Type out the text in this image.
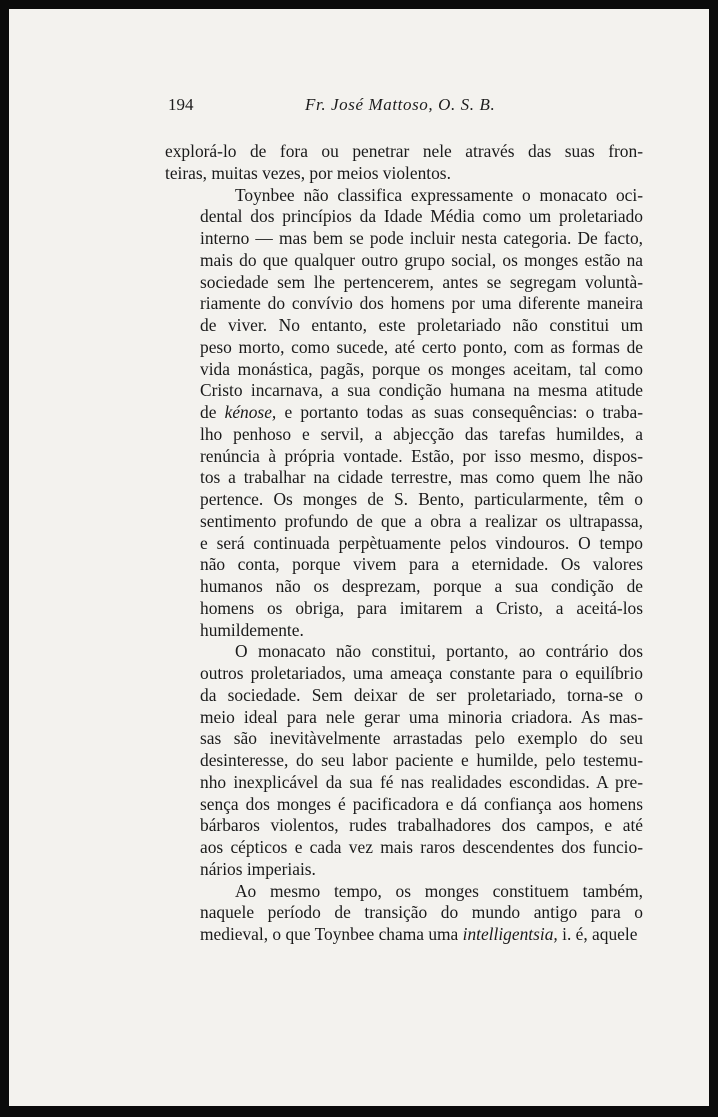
194	Fr. José Mattoso, O. S. B.

explorá-lo de fora ou penetrar nele através das suas fron-
teiras, muitas vezes, por meios violentos.

Toynbee não classifica expressamente o monacato oci-
dental dos princípios da Idade Média como um proletariado
interno — mas bem se pode incluir nesta categoria. De facto,
mais do que qualquer outro grupo social, os monges estão na
sociedade sem lhe pertencerem, antes se segregam voluntà-
riamente do convívio dos homens por uma diferente maneira
de viver. No entanto, este proletariado não constitui um
peso morto, como sucede, até certo ponto, com as formas de
vida monástica, pagãs, porque os monges aceitam, tal como
Cristo incarnava, a sua condição humana na mesma atitude
de kénose, e portanto todas as suas consequências: o traba-
lho penhoso e servil, a abjecção das tarefas humildes, a
renúncia à própria vontade. Estão, por isso mesmo, dispos-
tos a trabalhar na cidade terrestre, mas como quem lhe não
pertence. Os monges de S. Bento, particularmente, têm o
sentimento profundo de que a obra a realizar os ultrapassa,
e será continuada perpètuamente pelos vindouros. O tempo
não conta, porque vivem para a eternidade. Os valores
humanos não os desprezam, porque a sua condição de
homens os obriga, para imitarem a Cristo, a aceitá-los
humildemente.

O monacato não constitui, portanto, ao contrário dos
outros proletariados, uma ameaça constante para o equilíbrio
da sociedade. Sem deixar de ser proletariado, torna-se o
meio ideal para nele gerar uma minoria criadora. As mas-
sas são inevitàvelmente arrastadas pelo exemplo do seu
desinteresse, do seu labor paciente e humilde, pelo testemu-
nho inexplicável da sua fé nas realidades escondidas. A pre-
sença dos monges é pacificadora e dá confiança aos homens
bárbaros violentos, rudes trabalhadores dos campos, e até
aos cépticos e cada vez mais raros descendentes dos funcio-
nários imperiais.

Ao mesmo tempo, os monges constituem também,
naquele período de transição do mundo antigo para o
medieval, o que Toynbee chama uma intelligentsia, i. é, aquele
